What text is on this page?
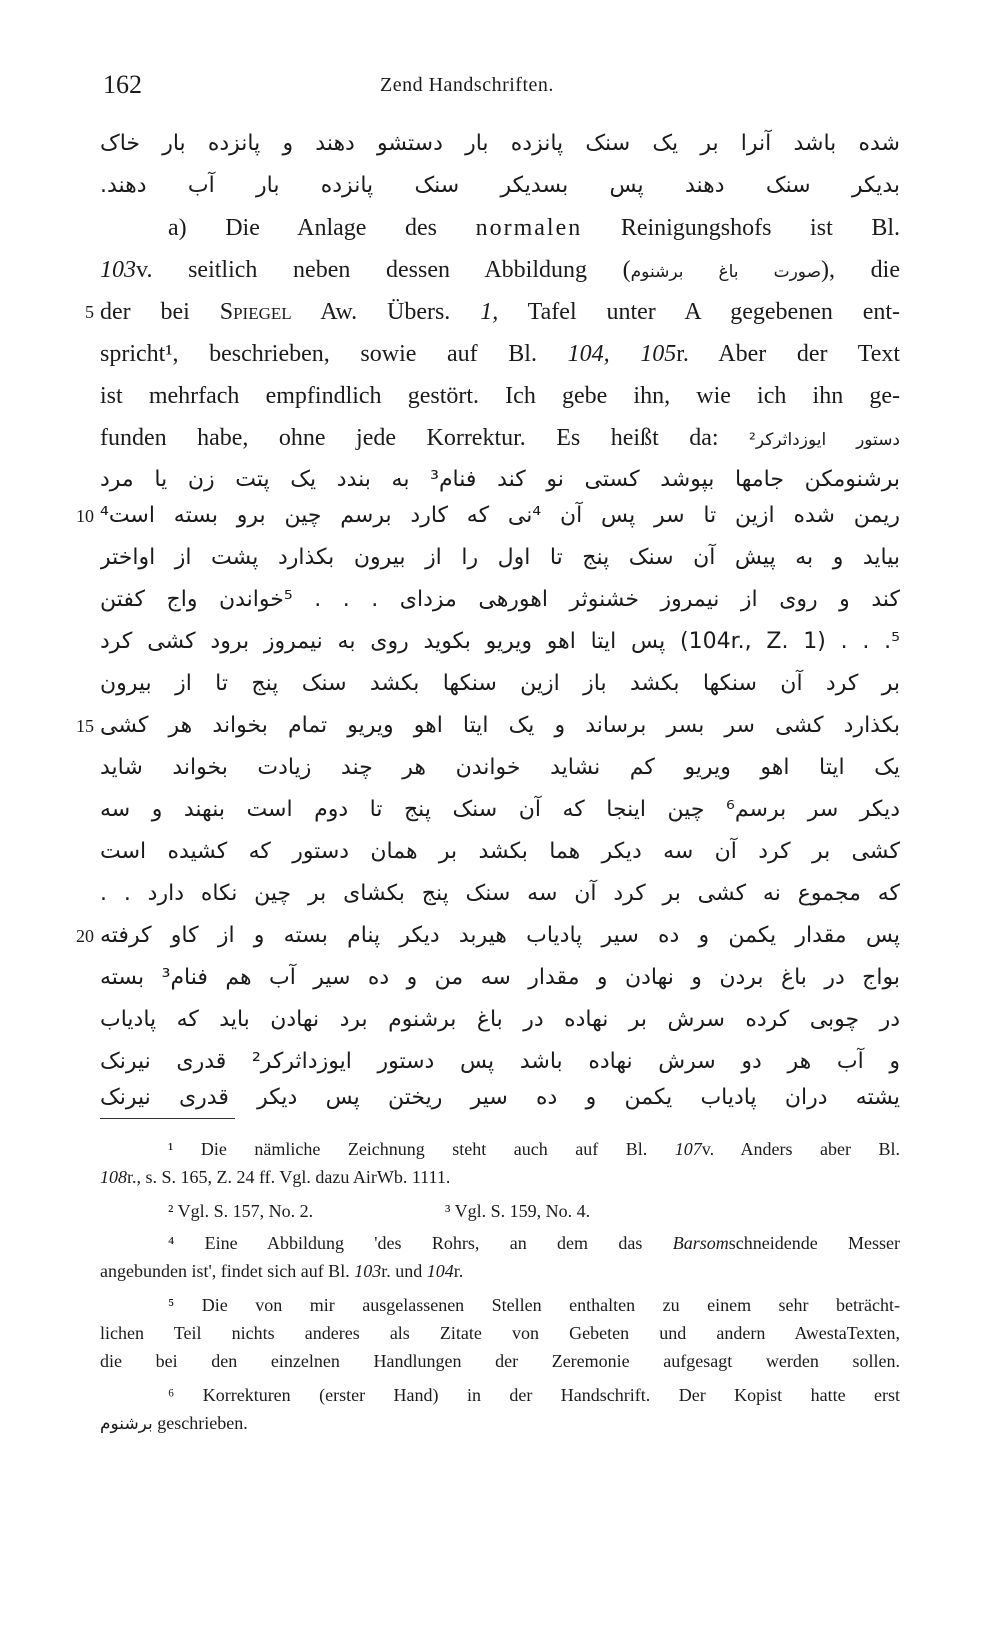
162	Zend Handschriften.
شده باشد آنرا بر یک سنک پانزده بار دستشو دهند و پانزده بار خاک
بدیکر سنک دهند پس بسدیکر سنک پانزده بار آب دهند.
a) Die Anlage des normalen Reinigungshofs ist Bl.
103v. seitlich neben dessen Abbildung (صورت باغ برشنوم), die
5 der bei Spiegel Aw. Übers. 1, Tafel unter A gegebenen ent-
spricht¹, beschrieben, sowie auf Bl. 104, 105r. Aber der Text
ist mehrfach empfindlich gestört. Ich gebe ihn, wie ich ihn ge-
funden habe, ohne jede Korrektur. Es heißt da: دستور ایوزداثرکر²
برشنومکن جامها بپوشد کستی نو کند فنام³ به بندد یک پتت زن یا مرد
10 ریمن شده ازین تا سر پس آن ⁴نی که کارد برسم چین برو بسته است⁴
بیاید و به پیش آن سنک پنج تا اول را از بیرون بکذارد پشت از اواختر
کند و روی از نیمروز خشنوثر اهورهی مزدای . . . ⁵خواندن واج کفتن
⁵. . . (104r., Z. 1) پس ایتا اهو ویریو بکوید روی به نیمروز برود کشی کرد
بر کرد آن سنکها بکشد باز ازین سنکها بکشد سنک پنج تا از بیرون
15 بکذارد کشی سر بسر برساند و یک ایتا اهو ویریو تمام بخواند هر کشی
یک ایتا اهو ویریو کم نشاید خواندن هر چند زیادت بخواند شاید
دیکر سر برسم⁶ چین اینجا که آن سنک پنج تا دوم است بنهند و سه
کشی بر کرد آن سه دیکر هما بکشد بر همان دستور که کشیده است
که مجموع نه کشی بر کرد آن سه سنک پنج بکشای بر چین نکاه دارد . .
20 پس مقدار یکمن و ده سیر پادیاب هیربد دیکر پنام بسته و از کاو کرفته
بواج در باغ بردن و نهادن و مقدار سه من و ده سیر آب هم فنام³ بسته
در چوبی کرده سرش بر نهاده در باغ برشنوم برد نهادن باید که پادیاب
و آب هر دو سرش نهاده باشد پس دستور ایوزداثرکر² قدری نیرنک
یشته دران پادیاب یکمن و ده سیر ریختن پس دیکر قدری نیرنک
¹ Die nämliche Zeichnung steht auch auf Bl. 107v. Anders aber Bl.
108r., s. S. 165, Z. 24 ff. Vgl. dazu AirWb. 1111.
² Vgl. S. 157, No. 2.	³ Vgl. S. 159, No. 4.
⁴ Eine Abbildung 'des Rohrs, an dem das Barsomschneidende Messer
angebunden ist', findet sich auf Bl. 103r. und 104r.
⁵ Die von mir ausgelassenen Stellen enthalten zu einem sehr beträcht-
lichen Teil nichts anderes als Zitate von Gebeten und andern AwestaTexten,
die bei den einzelnen Handlungen der Zeremonie aufgesagt werden sollen.
⁶ Korrekturen (erster Hand) in der Handschrift. Der Kopist hatte erst
برشنوم geschrieben.
